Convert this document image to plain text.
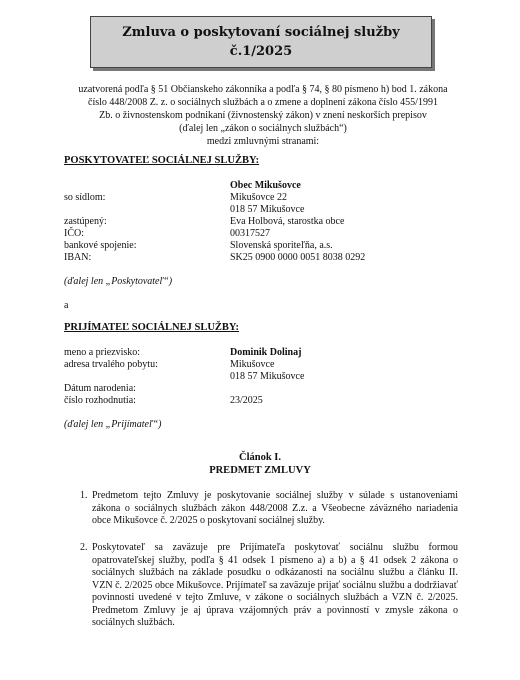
Zmluva o poskytovaní sociálnej služby
č.1/2025
uzatvorená podľa § 51 Občianskeho zákonníka a podľa § 74, § 80 písmeno h) bod 1. zákona
číslo 448/2008 Z. z. o sociálnych službách a o zmene a doplnení zákona číslo 455/1991
Zb. o živnostenskom podnikaní (živnostenský zákon) v znení neskorších prepisov
(ďalej len „zákon o sociálnych službách“)
medzi zmluvnými stranami:
POSKYTOVATEĽ SOCIÁLNEJ SLUŽBY:
Obec Mikušovce
so sídlom:	Mikušovce 22
018 57 Mikušovce
zastúpený:	Eva Holbová, starostka obce
IČO:	00317527
bankové spojenie:	Slovenská sporiteľňa, a.s.
IBAN:	SK25 0900 0000 0051 8038 0292
(ďalej len „Poskytovateľ“)
a
PRIJÍMATEĽ SOCIÁLNEJ SLUŽBY:
meno a priezvisko:	Dominik Dolinaj
adresa trvalého pobytu:	Mikušovce
018 57 Mikušovce
Dátum narodenia:
číslo rozhodnutia:	23/2025
(ďalej len „Prijímateľ“)
Článok I.
PREDMET ZMLUVY
1. Predmetom tejto Zmluvy je poskytovanie sociálnej služby v súlade s ustanoveniami zákona o sociálnych službách zákon 448/2008 Z.z. a Všeobecne záväzného nariadenia obce Mikušovce č. 2/2025 o poskytovaní sociálnej služby.
2. Poskytovateľ sa zaväzuje pre Prijímateľa poskytovať sociálnu službu formou opatrovateľskej služby, podľa § 41 odsek 1 písmeno a) a b) a § 41 odsek 2 zákona o sociálnych službách na základe posudku o odkázanosti na sociálnu službu a článku II. VZN č. 2/2025 obce Mikušovce. Prijímateľ sa zaväzuje prijať sociálnu službu a dodržiavať povinnosti uvedené v tejto Zmluve, v zákone o sociálnych službách a VZN č. 2/2025. Predmetom Zmluvy je aj úprava vzájomných práv a povinností v zmysle zákona o sociálnych službách.
